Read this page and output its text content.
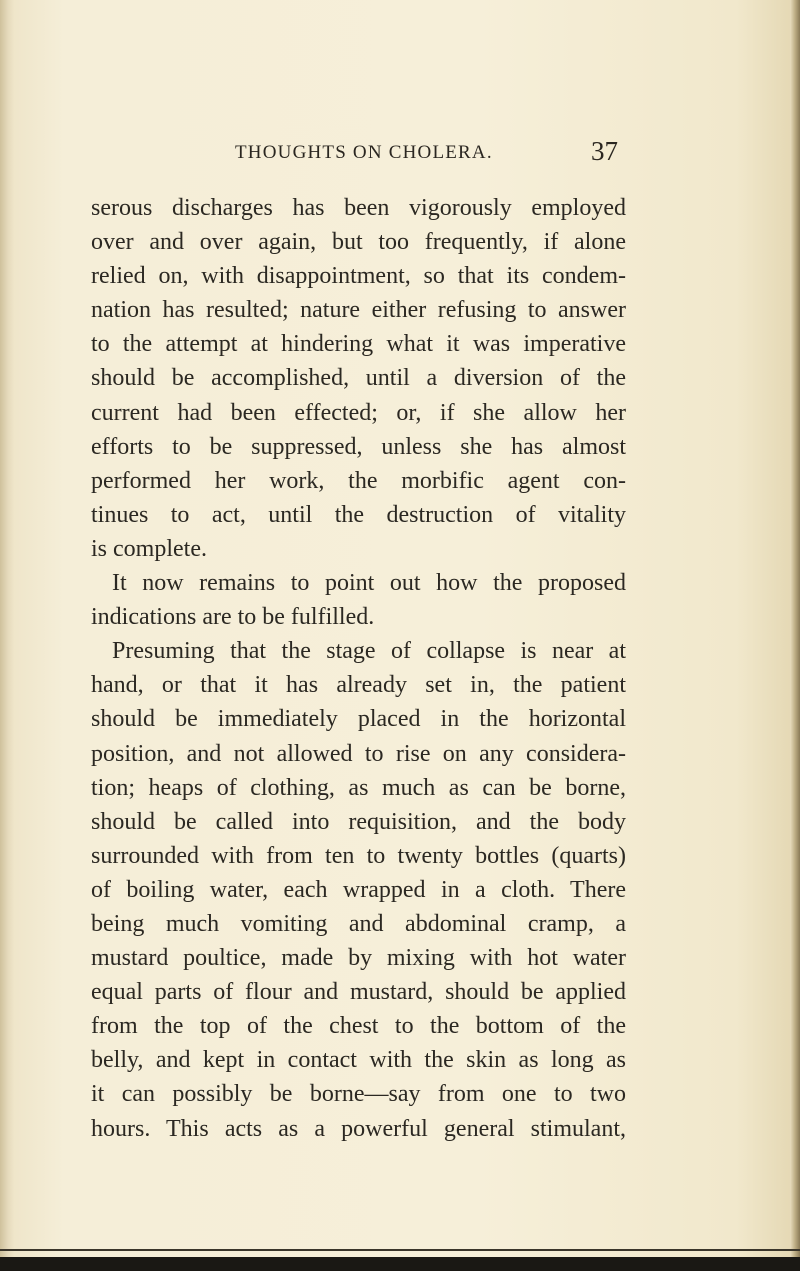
THOUGHTS ON CHOLERA.	37
serous discharges has been vigorously employed
over and over again, but too frequently, if alone
relied on, with disappointment, so that its condem-
nation has resulted; nature either refusing to answer
to the attempt at hindering what it was imperative
should be accomplished, until a diversion of the
current had been effected; or, if she allow her
efforts to be suppressed, unless she has almost
performed her work, the morbific agent con-
tinues to act, until the destruction of vitality
is complete.
It now remains to point out how the proposed
indications are to be fulfilled.
Presuming that the stage of collapse is near at
hand, or that it has already set in, the patient
should be immediately placed in the horizontal
position, and not allowed to rise on any considera-
tion; heaps of clothing, as much as can be borne,
should be called into requisition, and the body
surrounded with from ten to twenty bottles (quarts)
of boiling water, each wrapped in a cloth. There
being much vomiting and abdominal cramp, a
mustard poultice, made by mixing with hot water
equal parts of flour and mustard, should be applied
from the top of the chest to the bottom of the
belly, and kept in contact with the skin as long as
it can possibly be borne—say from one to two
hours. This acts as a powerful general stimulant,
